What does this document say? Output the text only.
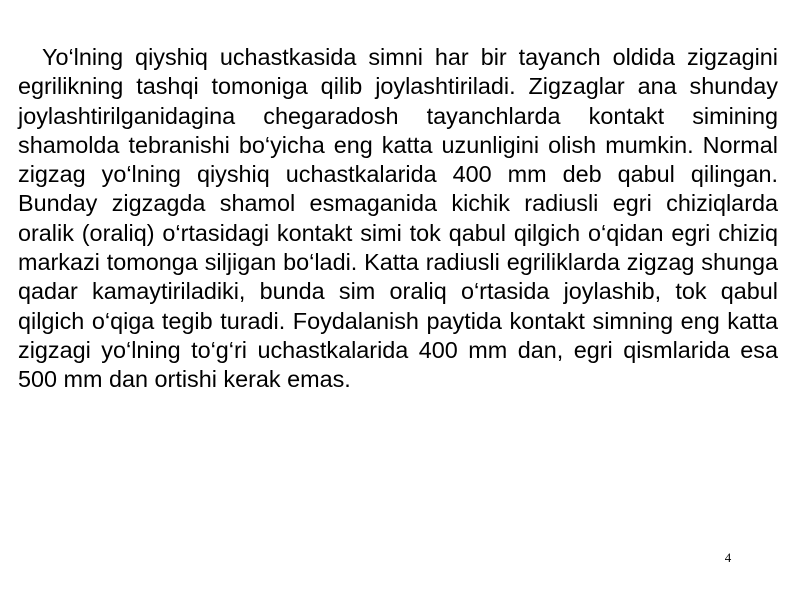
Yo‘lning qiyshiq uchastkasida simni har bir tayanch oldida zigzagini egrilikning tashqi tomoniga qilib joylashtiriladi. Zigzaglar ana shunday joylashtirilganidagina chegaradosh tayanchlarda kontakt simining shamolda tebranishi bo‘yicha eng katta uzunligini olish mumkin. Normal zigzag yo‘lning qiyshiq uchastkalarida 400 mm deb qabul qilingan. Bunday zigzagda shamol esmaganida kichik radiusli egri chiziqlarda oralik (oraliq) o‘rtasidagi kontakt simi tok qabul qilgich o‘qidan egri chiziq markazi tomonga siljigan bo‘ladi. Katta radiusli egriliklarda zigzag shunga qadar kamaytiriladiki, bunda sim oraliq o‘rtasida joylashib, tok qabul qilgich o‘qiga tegib turadi. Foydalanish paytida kontakt simning eng katta zigzagi yo‘lning to‘g‘ri uchastkalarida 400 mm dan, egri qismlarida esa 500 mm dan ortishi kerak emas.

4
